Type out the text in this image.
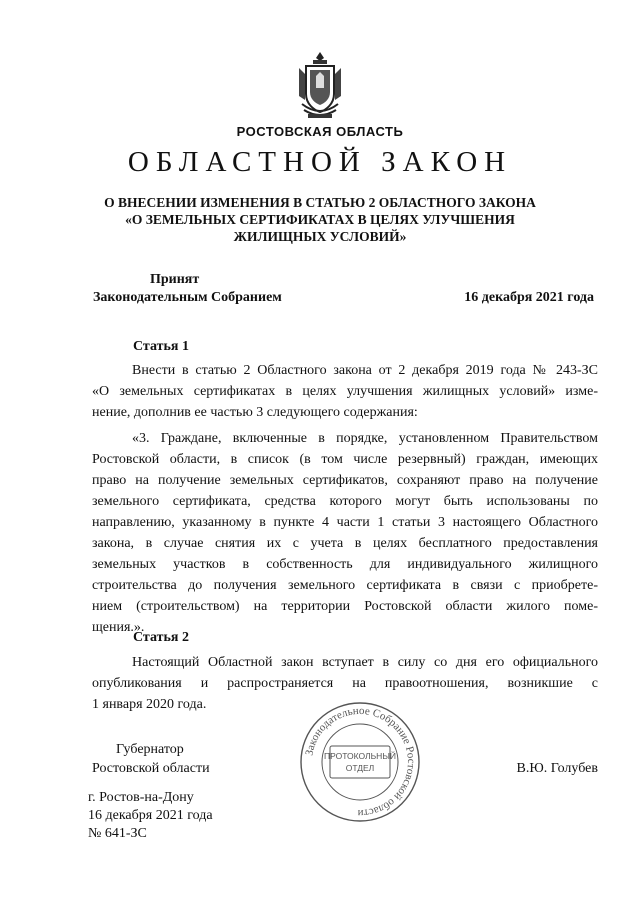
РОСТОВСКАЯ ОБЛАСТЬ
ОБЛАСТНОЙ ЗАКОН
О ВНЕСЕНИИ ИЗМЕНЕНИЯ В СТАТЬЮ 2 ОБЛАСТНОГО ЗАКОНА
«О ЗЕМЕЛЬНЫХ СЕРТИФИКАТАХ В ЦЕЛЯХ УЛУЧШЕНИЯ
ЖИЛИЩНЫХ УСЛОВИЙ»
Принят
Законодательным Собранием	16 декабря 2021 года
Статья 1
Внести в статью 2 Областного закона от 2 декабря 2019 года № 243-ЗС
«О земельных сертификатах в целях улучшения жилищных условий» изме-
нение, дополнив ее частью 3 следующего содержания:
«3. Граждане, включенные в порядке, установленном Правительством
Ростовской области, в список (в том числе резервный) граждан, имеющих
право на получение земельных сертификатов, сохраняют право на получение
земельного сертификата, средства которого могут быть использованы по
направлению, указанному в пункте 4 части 1 статьи 3 настоящего Областного
закона, в случае снятия их с учета в целях бесплатного предоставления
земельных участков в собственность для индивидуального жилищного
строительства до получения земельного сертификата в связи с приобрете-
нием (строительством) на территории Ростовской области жилого поме-
щения.».
Статья 2
Настоящий Областной закон вступает в силу со дня его официального
опубликования и распространяется на правоотношения, возникшие с
1 января 2020 года.
Законодательное Собрание Ростовской области
ПРОТОКОЛЬНЫЙ
ОТДЕЛ
Губернатор
Ростовской области	В.Ю. Голубев
г. Ростов-на-Дону
16 декабря 2021 года
№ 641-ЗС
